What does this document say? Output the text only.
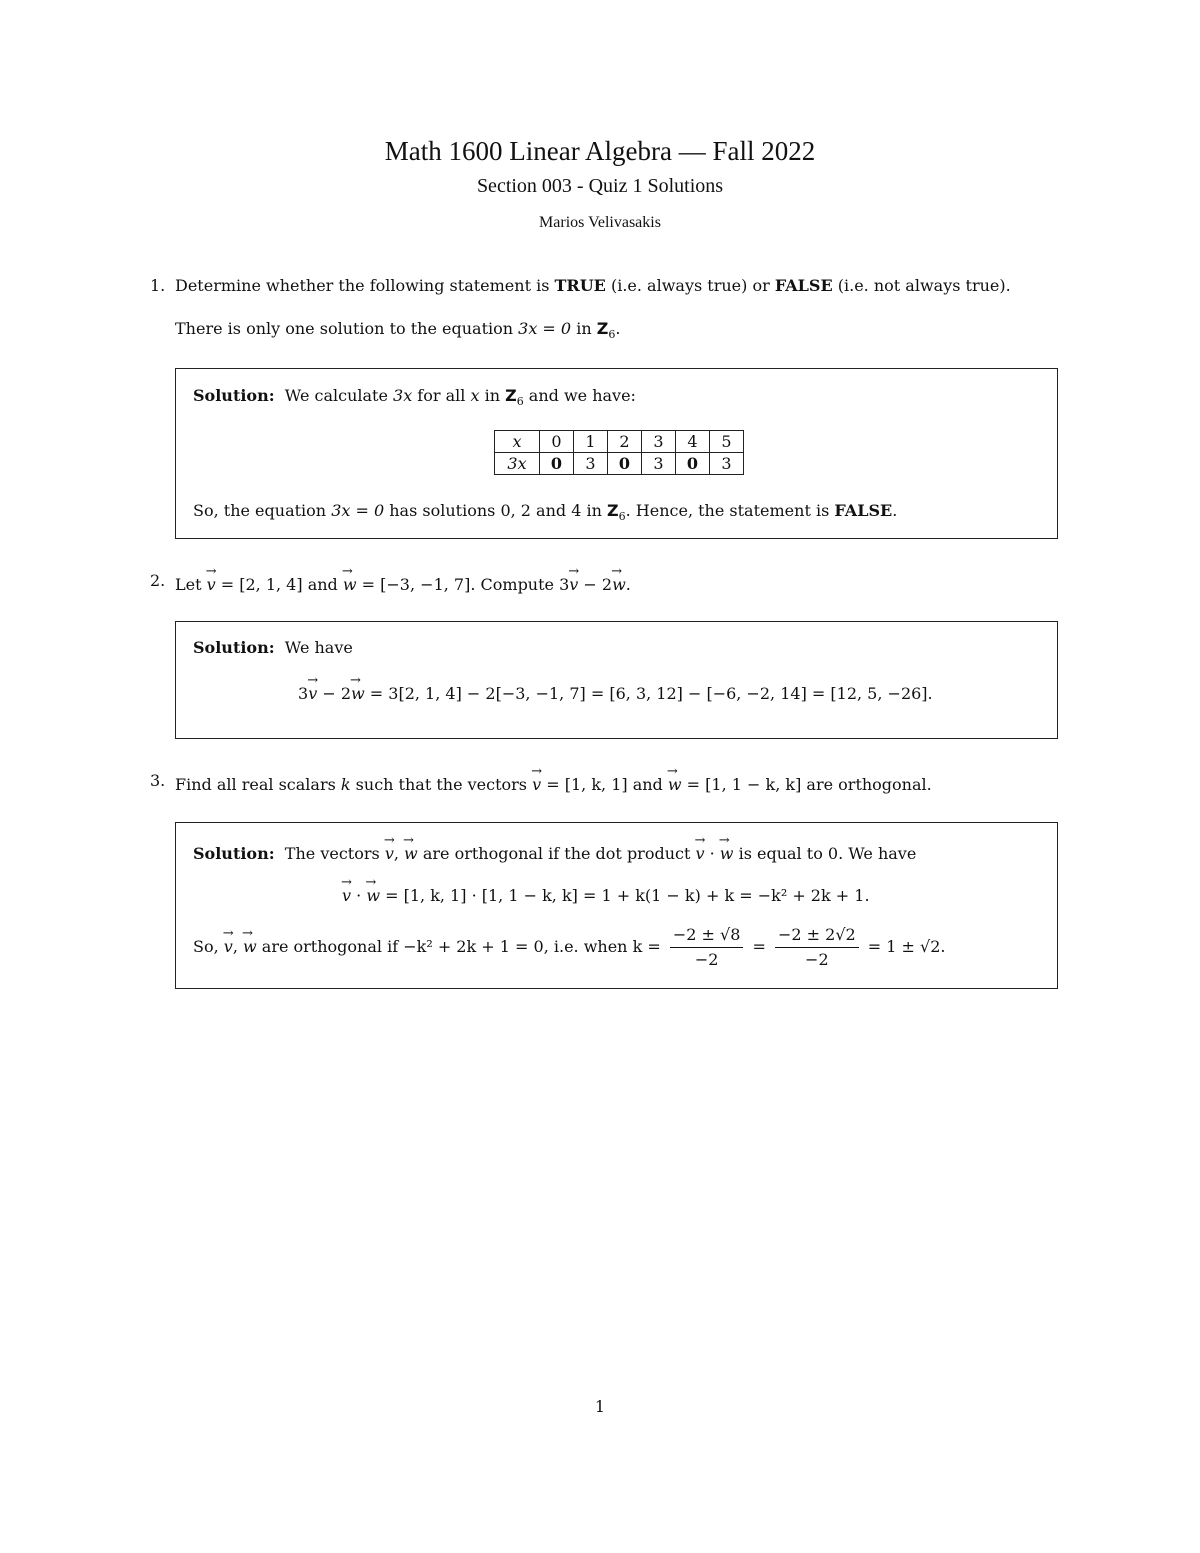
Math 1600 Linear Algebra — Fall 2022
Section 003 - Quiz 1 Solutions
Marios Velivasakis
1. Determine whether the following statement is TRUE (i.e. always true) or FALSE (i.e. not always true).
There is only one solution to the equation 3x = 0 in $Z_6$.
Solution: We calculate 3x for all x in $Z_6$ and we have:
x	0	1	2	3	4	5
3x	0	3	0	3	0	3
So, the equation 3x = 0 has solutions 0, 2 and 4 in $Z_6$. Hence, the statement is FALSE.
2. Let → v = [2, 1, 4] and → w = [−3, −1, 7]. Compute 3→ v − 2→ w.
Solution: We have
3→ v − 2→ w = 3[2, 1, 4] − 2[−3, −1, 7] = [6, 3, 12] − [−6, −2, 14] = [12, 5, −26].
3. Find all real scalars k such that the vectors → v = [1, k, 1] and → w = [1, 1 − k, k] are orthogonal.
Solution: The vectors → v, → w are orthogonal if the dot product → v · → w is equal to 0. We have
→ v · → w = [1, k, 1] · [1, 1 − k, k] = 1 + k(1 − k) + k = −k² + 2k + 1.
So, → v, → w are orthogonal if −k² + 2k + 1 = 0, i.e. when $k = \frac{-2 \pm √8}{-2} = \frac{-2 \pm 2√2}{-2} = 1 \pm √2$.
1
